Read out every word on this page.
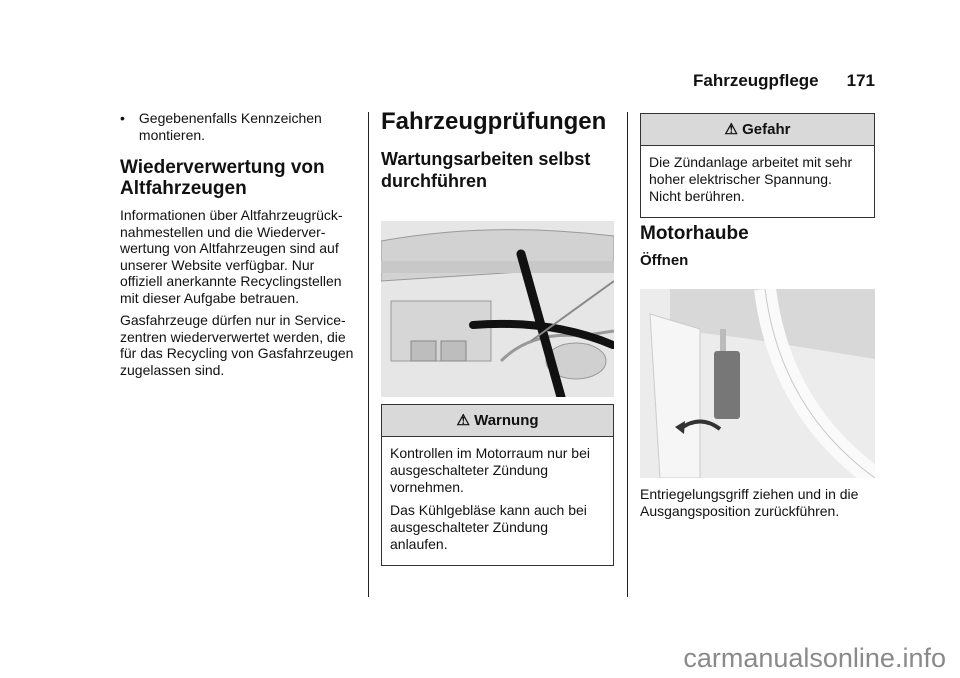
Fahrzeugpflege 171
• Gegebenenfalls Kennzeichen montieren.
Wiederverwertung von Altfahrzeugen

Informationen über Altfahrzeugrücknahmestellen und die Wiederverwertung von Altfahrzeugen sind auf unserer Website verfügbar. Nur offiziell anerkannte Recyclingstellen mit dieser Aufgabe betrauen.

Gasfahrzeuge dürfen nur in Servicezentren wiederverwertet werden, die für das Recycling von Gasfahrzeugen zugelassen sind.

Fahrzeugprüfungen
Wartungsarbeiten selbst durchführen
⚠ Warnung

Kontrollen im Motorraum nur bei ausgeschalteter Zündung vornehmen.

Das Kühlgebläse kann auch bei ausgeschalteter Zündung anlaufen.

⚠ Gefahr

Die Zündanlage arbeitet mit sehr hoher elektrischer Spannung. Nicht berühren.

Motorhaube
Öffnen
Entriegelungsgriff ziehen und in die Ausgangsposition zurückführen.
carmanualsonline.info
